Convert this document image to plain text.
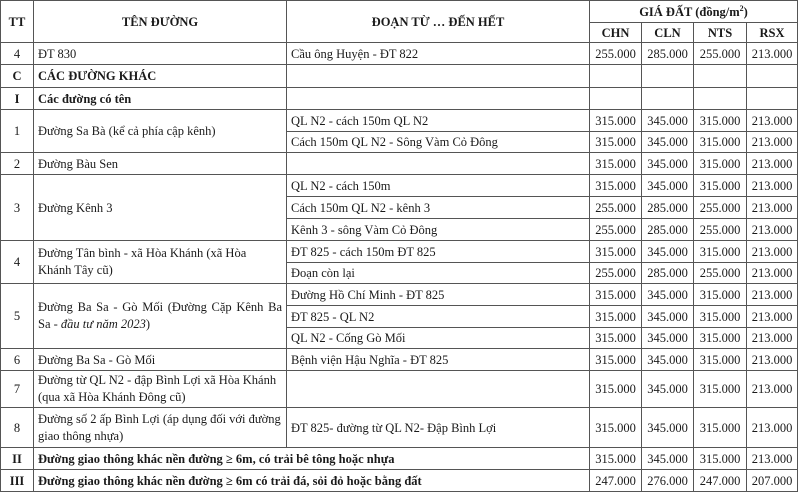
TT	TÊN ĐƯỜNG	ĐOẠN TỪ … ĐẾN HẾT	GIÁ ĐẤT $(đồng/m^2)$			
			CHN	CLN	NTS	RSX
4	ĐT 830	Cầu ông Huyện - ĐT 822	255.000	285.000	255.000	213.000
C	CÁC ĐƯỜNG KHÁC					
I	Các đường có tên					
1	Đường Sa Bà (kể cả phía cập kênh)	QL N2 - cách 150m QL N2	315.000	345.000	315.000	213.000
		Cách 150m QL N2 - Sông Vàm Cỏ Đông	315.000	345.000	315.000	213.000
2	Đường Bàu Sen		315.000	345.000	315.000	213.000
3	Đường Kênh 3	QL N2 - cách 150m	315.000	345.000	315.000	213.000
		Cách 150m QL N2 - kênh 3	255.000	285.000	255.000	213.000
		Kênh 3 - sông Vàm Cỏ Đông	255.000	285.000	255.000	213.000
4	Đường Tân bình - xã Hòa Khánh (xã Hòa Khánh Tây cũ)	ĐT 825 - cách 150m ĐT 825	315.000	345.000	315.000	213.000
		Đoạn còn lại	255.000	285.000	255.000	213.000
5	Đường Ba Sa - Gò Mối (Đường Cặp Kênh Ba Sa - đầu tư năm 2023)	Đường Hồ Chí Minh - ĐT 825	315.000	345.000	315.000	213.000
		ĐT 825 - QL N2	315.000	345.000	315.000	213.000
		QL N2 - Cống Gò Mối	315.000	345.000	315.000	213.000
6	Đường Ba Sa - Gò Mối	Bệnh viện Hậu Nghĩa - ĐT 825	315.000	345.000	315.000	213.000
7	Đường từ QL N2 - đập Bình Lợi xã Hòa Khánh (qua xã Hòa Khánh Đông cũ)		315.000	345.000	315.000	213.000
8	Đường số 2 ấp Bình Lợi (áp dụng đối với đường giao thông nhựa)	ĐT 825- đường từ QL N2- Đập Bình Lợi	315.000	345.000	315.000	213.000
II	Đường giao thông khác nền đường ≥ 6m, có trải bê tông hoặc nhựa		315.000	345.000	315.000	213.000
III	Đường giao thông khác nền đường ≥ 6m có trải đá, sỏi đỏ hoặc bằng đất		247.000	276.000	247.000	207.000
